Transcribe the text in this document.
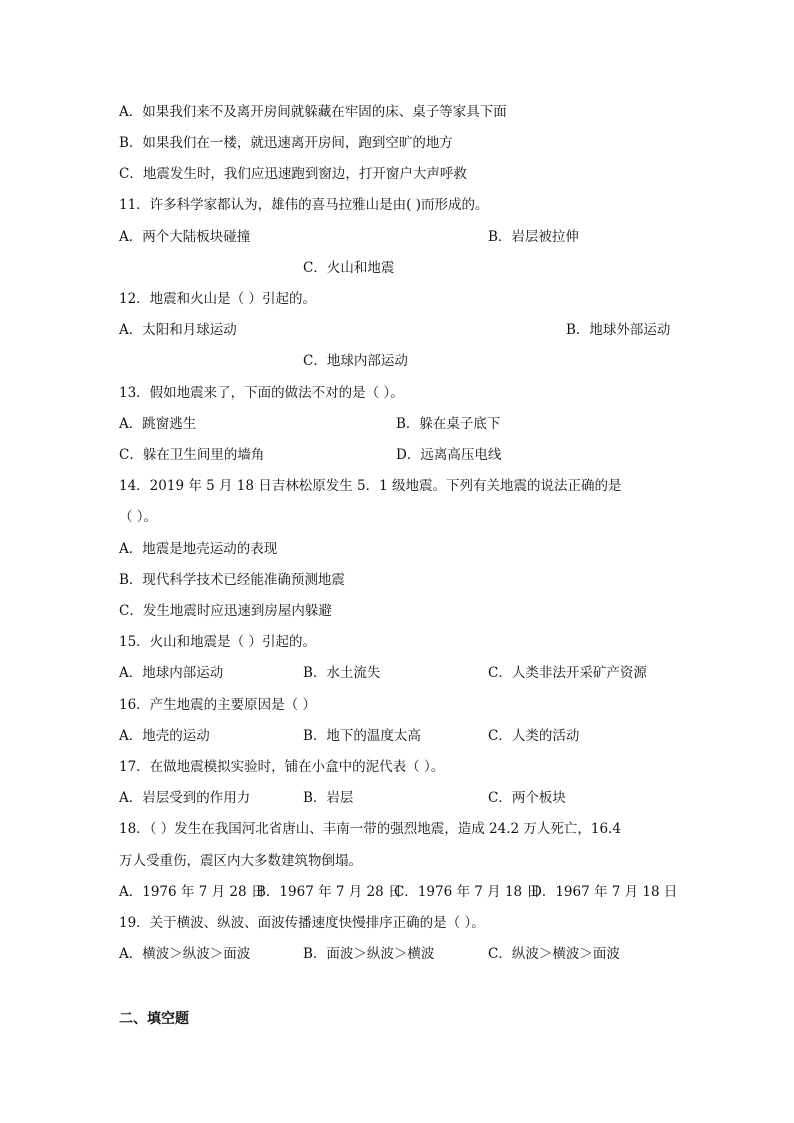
A．如果我们来不及离开房间就躲藏在牢固的床、桌子等家具下面
B．如果我们在一楼，就迅速离开房间，跑到空旷的地方
C．地震发生时，我们应迅速跑到窗边，打开窗户大声呼救
11．许多科学家都认为，雄伟的喜马拉雅山是由( )而形成的。
A．两个大陆板块碰撞	B．岩层被拉伸
C．火山和地震
12．地震和火山是（ ）引起的。
A．太阳和月球运动	B．地球外部运动
C．地球内部运动
13．假如地震来了，下面的做法不对的是（ ）。
A．跳窗逃生	B．躲在桌子底下
C．躲在卫生间里的墙角	D．远离高压电线
14．2019 年 5 月 18 日吉林松原发生 5．1 级地震。下列有关地震的说法正确的是
（ ）。
A．地震是地壳运动的表现
B．现代科学技术已经能准确预测地震
C．发生地震时应迅速到房屋内躲避
15．火山和地震是（ ）引起的。
A．地球内部运动	B．水土流失	C．人类非法开采矿产资源
16．产生地震的主要原因是（ ）
A．地壳的运动	B．地下的温度太高	C．人类的活动
17．在做地震模拟实验时，铺在小盒中的泥代表（ ）。
A．岩层受到的作用力	B．岩层	C．两个板块
18．（ ）发生在我国河北省唐山、丰南一带的强烈地震，造成 24.2 万人死亡，16.4
万人受重伤，震区内大多数建筑物倒塌。
A．1976 年 7 月 28 日
B．1967 年 7 月 28 日
C．1976 年 7 月 18 日
D．1967 年 7 月 18 日
19．关于横波、纵波、面波传播速度快慢排序正确的是（ ）。
A．横波＞纵波＞面波	B．面波＞纵波＞横波	C．纵波＞横波＞面波
二、填空题
